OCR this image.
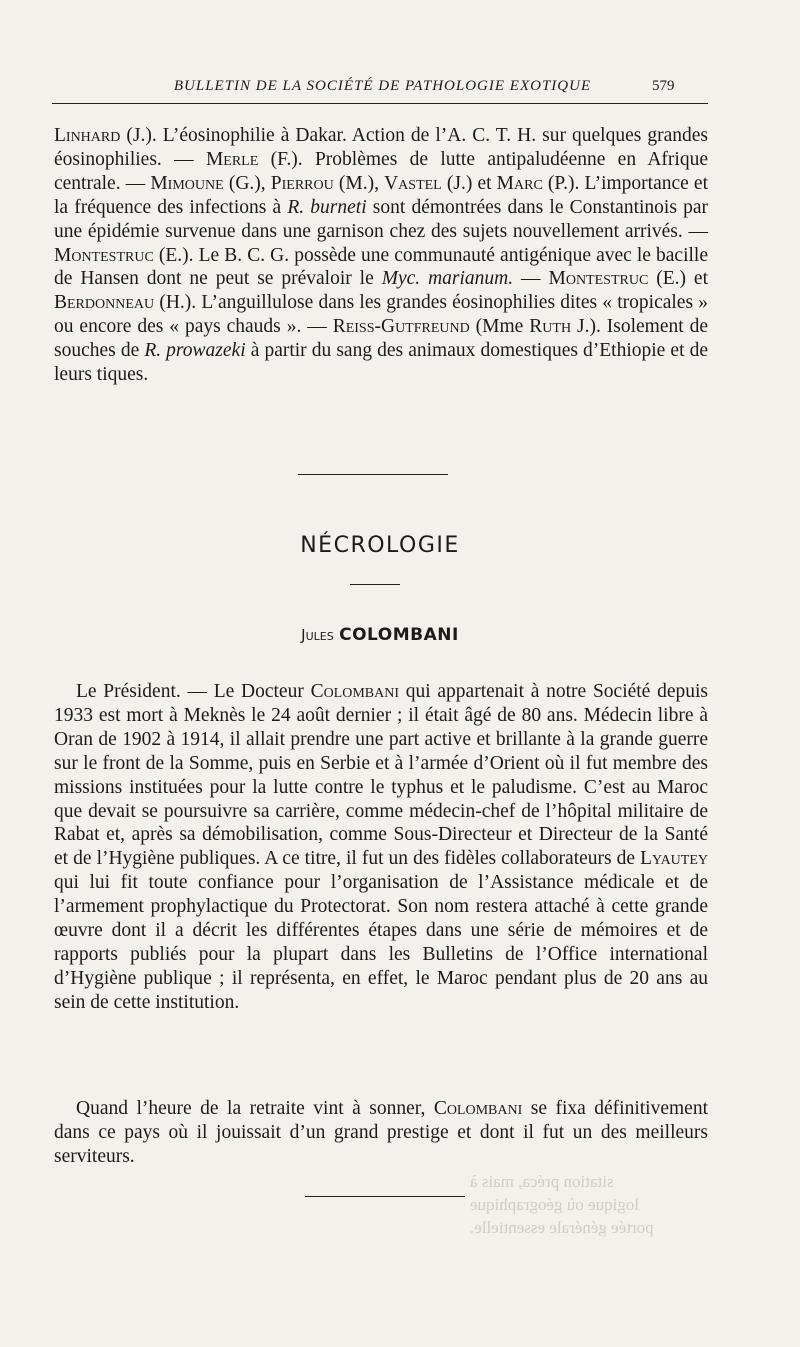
BULLETIN DE LA SOCIÉTÉ DE PATHOLOGIE EXOTIQUE	579
Linhard (J.). L’éosinophilie à Dakar. Action de l’A. C. T. H. sur quelques grandes éosinophilies. — Merle (F.). Problèmes de lutte antipaludéenne en Afrique centrale. — Mimoune (G.), Pierrou (M.), Vastel (J.) et Marc (P.). L’importance et la fréquence des infections à R. burneti sont démontrées dans le Constantinois par une épidémie survenue dans une garnison chez des sujets nouvellement arrivés. — Montestruc (E.). Le B. C. G. possède une communauté antigénique avec le bacille de Hansen dont ne peut se prévaloir le Myc. marianum. — Montestruc (E.) et Berdonneau (H.). L’anguillulose dans les grandes éosinophilies dites « tropicales » ou encore des « pays chauds ». — Reiss-Gutfreund (Mme Ruth J.). Isolement de souches de R. prowazeki à partir du sang des animaux domestiques d’Ethiopie et de leurs tiques.
NÉCROLOGIE
Jules COLOMBANI
Le Président. — Le Docteur Colombani qui appartenait à notre Société depuis 1933 est mort à Meknès le 24 août dernier ; il était âgé de 80 ans. Médecin libre à Oran de 1902 à 1914, il allait prendre une part active et brillante à la grande guerre sur le front de la Somme, puis en Serbie et à l’armée d’Orient où il fut membre des missions instituées pour la lutte contre le typhus et le paludisme. C’est au Maroc que devait se poursuivre sa carrière, comme médecin-chef de l’hôpital militaire de Rabat et, après sa démobilisation, comme Sous-Directeur et Directeur de la Santé et de l’Hygiène publiques. A ce titre, il fut un des fidèles collaborateurs de Lyautey qui lui fit toute confiance pour l’organisation de l’Assistance médicale et de l’armement prophylactique du Protectorat. Son nom restera attaché à cette grande œuvre dont il a décrit les différentes étapes dans une série de mémoires et de rapports publiés pour la plupart dans les Bulletins de l’Office international d’Hygiène publique ; il représenta, en effet, le Maroc pendant plus de 20 ans au sein de cette institution.
Quand l’heure de la retraite vint à sonner, Colombani se fixa définitivement dans ce pays où il jouissait d’un grand prestige et dont il fut un des meilleurs serviteurs.
sitation préca, mais à
logique où géographique
portée générale essentielle.
